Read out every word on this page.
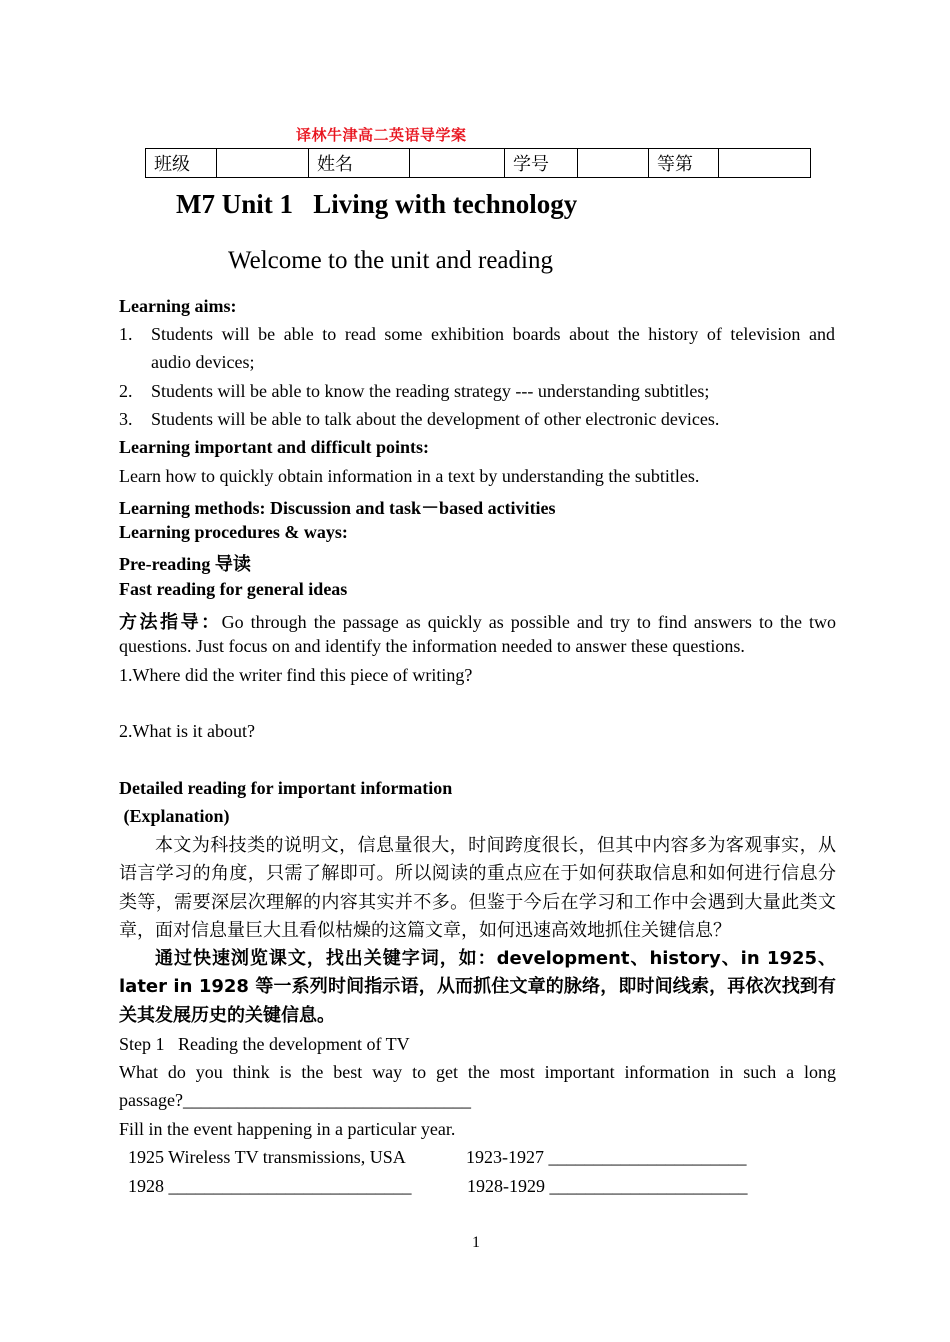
译林牛津高二英语导学案
班级		姓名		学号		等第	
M7 Unit 1   Living with technology
Welcome to the unit and reading
Learning aims:
1. Students will be able to read some exhibition boards about the history of television and
audio devices;
2. Students will be able to know the reading strategy --- understanding subtitles;
3. Students will be able to talk about the development of other electronic devices.
Learning important and difficult points:
Learn how to quickly obtain information in a text by understanding the subtitles.
Learning methods: Discussion and task－based activities
Learning procedures & ways:
Pre-reading 导读
Fast reading for general ideas
方法指导：Go through the passage as quickly as possible and try to find answers to the two
questions. Just focus on and identify the information needed to answer these questions.
1.Where did the writer find this piece of writing?
2.What is it about?
Detailed reading for important information
(Explanation)
本文为科技类的说明文，信息量很大，时间跨度很长，但其中内容多为客观事实，从语言学习的角度，只需了解即可。所以阅读的重点应在于如何获取信息和如何进行信息分类等，需要深层次理解的内容其实并不多。但鉴于今后在学习和工作中会遇到大量此类文章，面对信息量巨大且看似枯燥的这篇文章，如何迅速高效地抓住关键信息？
通过快速浏览课文，找出关键字词，如：development、history、in 1925、later in 1928 等一系列时间指示语，从而抓住文章的脉络，即时间线索，再依次找到有关其发展历史的关键信息。
Step 1   Reading the development of TV
What do you think is the best way to get the most important information in such a long
passage?________________________________
Fill in the event happening in a particular year.
1925 Wireless TV transmissions, USA	1923-1927 ______________________
1928 ___________________________	1928-1929 ______________________
1
